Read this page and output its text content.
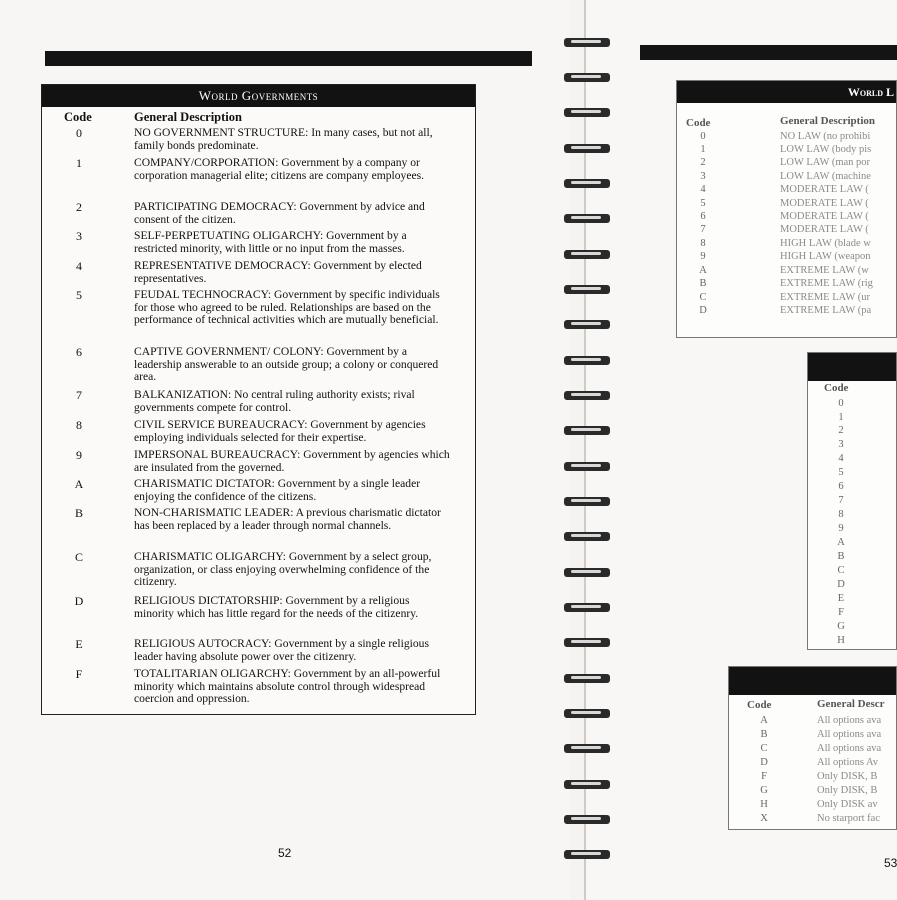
World Governments
Code	General Description
0	NO GOVERNMENT STRUCTURE: In many cases, but not all, family bonds predominate.
1	COMPANY/CORPORATION: Government by a company or corporation managerial elite; citizens are company employees.
2	PARTICIPATING DEMOCRACY: Government by advice and consent of the citizen.
3	SELF-PERPETUATING OLIGARCHY: Government by a restricted minority, with little or no input from the masses.
4	REPRESENTATIVE DEMOCRACY: Government by elected representatives.
5	FEUDAL TECHNOCRACY: Government by specific individuals for those who agreed to be ruled. Relationships are based on the performance of technical activities which are mutually beneficial.
6	CAPTIVE GOVERNMENT/ COLONY: Government by a leadership answerable to an outside group; a colony or conquered area.
7	BALKANIZATION: No central ruling authority exists; rival governments compete for control.
8	CIVIL SERVICE BUREAUCRACY: Government by agencies employing individuals selected for their expertise.
9	IMPERSONAL BUREAUCRACY: Government by agencies which are insulated from the governed.
A	CHARISMATIC DICTATOR: Government by a single leader enjoying the confidence of the citizens.
B	NON-CHARISMATIC LEADER: A previous charismatic dictator has been replaced by a leader through normal channels.
C	CHARISMATIC OLIGARCHY: Government by a select group, organization, or class enjoying overwhelming confidence of the citizenry.
D	RELIGIOUS DICTATORSHIP: Government by a religious minority which has little regard for the needs of the citizenry.
E	RELIGIOUS AUTOCRACY: Government by a single religious leader having absolute power over the citizenry.
F	TOTALITARIAN OLIGARCHY: Government by an all-powerful minority which maintains absolute control through widespread coercion and oppression.
52
World L
Code	General Description
0	NO LAW (no prohibi
1	LOW LAW (body pis
2	LOW LAW (man por
3	LOW LAW (machine
4	MODERATE LAW (
5	MODERATE LAW (
6	MODERATE LAW (
7	MODERATE LAW (
8	HIGH LAW (blade w
9	HIGH LAW (weapon
A	EXTREME LAW (w
B	EXTREME LAW (rig
C	EXTREME LAW (ur
D	EXTREME LAW (pa
Code
0
1
2
3
4
5
6
7
8
9
A
B
C
D
E
F
G
H
Code	General Descr
A	All options ava
B	All options ava
C	All options ava
D	All options Av
F	Only DISK, B
G	Only DISK, B
H	Only DISK av
X	No starport fac
53
